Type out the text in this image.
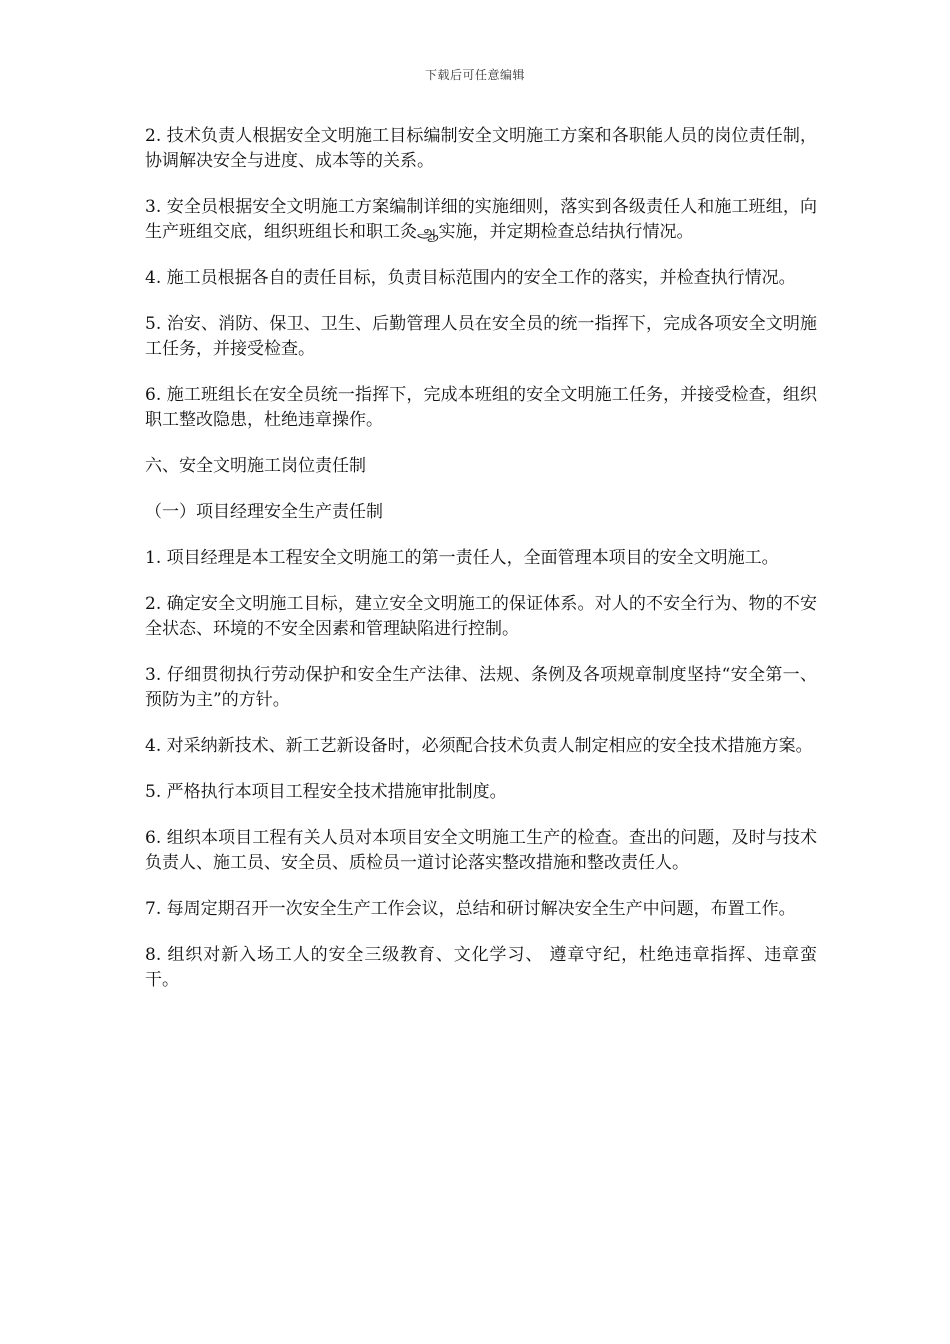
下载后可任意编辑

2. 技术负责人根据安全文明施工目标编制安全文明施工方案和各职能人员的岗位责任制，协调解决安全与进度、成本等的关系。

3. 安全员根据安全文明施工方案编制详细的实施细则，落实到各级责任人和施工班组，向生产班组交底，组织班组长和职工灸ஆ实施，并定期检查总结执行情况。

4. 施工员根据各自的责任目标，负责目标范围内的安全工作的落实，并检查执行情况。

5. 治安、消防、保卫、卫生、后勤管理人员在安全员的统一指挥下，完成各项安全文明施工任务，并接受检查。

6. 施工班组长在安全员统一指挥下，完成本班组的安全文明施工任务，并接受检查，组织职工整改隐患，杜绝违章操作。

六、安全文明施工岗位责任制

（一）项目经理安全生产责任制

1. 项目经理是本工程安全文明施工的第一责任人，全面管理本项目的安全文明施工。

2. 确定安全文明施工目标，建立安全文明施工的保证体系。对人的不安全行为、物的不安全状态、环境的不安全因素和管理缺陷进行控制。

3. 仔细贯彻执行劳动保护和安全生产法律、法规、条例及各项规章制度坚持“安全第一、预防为主”的方针。

4. 对采纳新技术、新工艺新设备时，必须配合技术负责人制定相应的安全技术措施方案。

5. 严格执行本项目工程安全技术措施审批制度。

6. 组织本项目工程有关人员对本项目安全文明施工生产的检查。查出的问题，及时与技术负责人、施工员、安全员、质检员一道讨论落实整改措施和整改责任人。

7. 每周定期召开一次安全生产工作会议，总结和研讨解决安全生产中问题，布置工作。

8. 组织对新入场工人的安全三级教育、文化学习、 遵章守纪，杜绝违章指挥、违章蛮干。
